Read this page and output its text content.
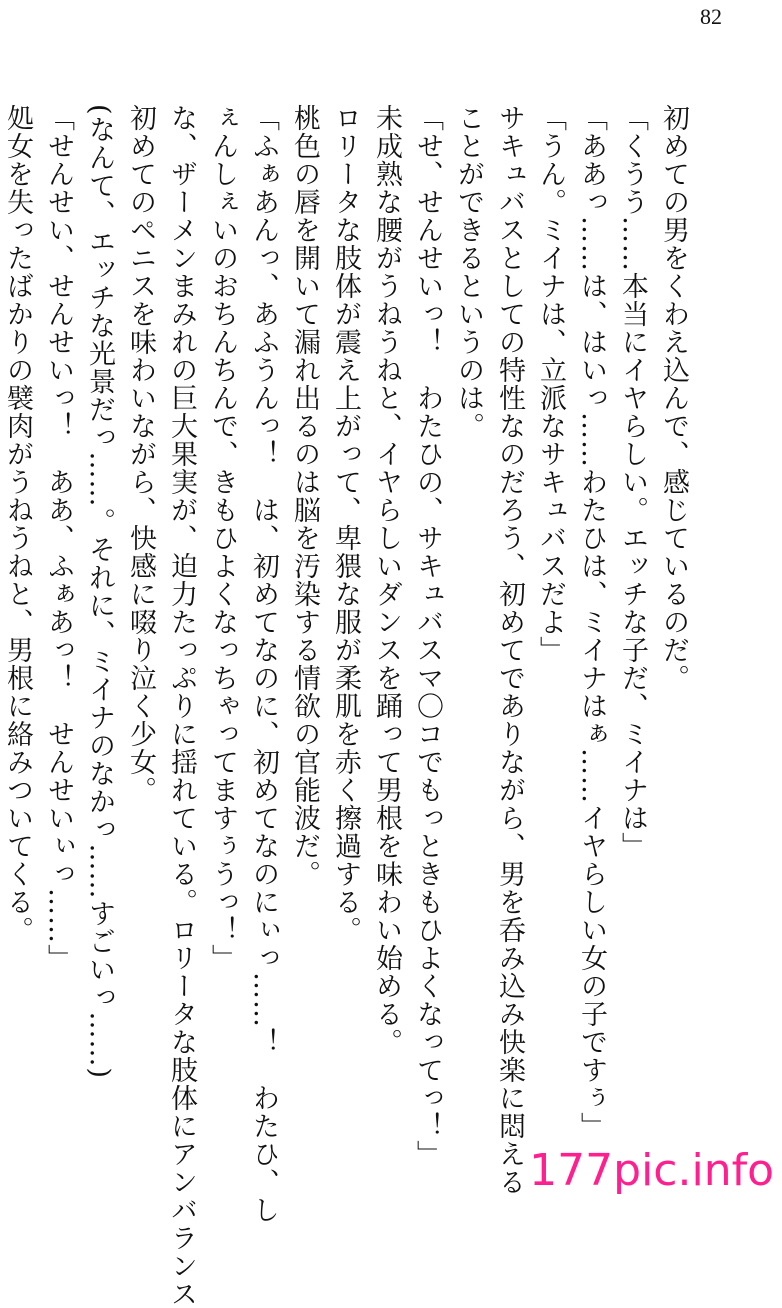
82
初めての男をくわえ込んで、感じているのだ。
「くうう……本当にイヤらしい。エッチな子だ、ミイナは」
「ああっ……は、はいっ……わたひは、ミイナはぁ……イヤらしい女の子ですぅ」
「うん。ミイナは、立派なサキュバスだよ」
サキュバスとしての特性なのだろう、初めてでありながら、男を呑み込み快楽に悶える
ことができるというのは。
「せ、せんせいっ！　わたひの、サキュバスマ〇コでもっときもひよくなってっ！」
未成熟な腰がうねうねと、イヤらしいダンスを踊って男根を味わい始める。
ロリータな肢体が震え上がって、卑猥な服が柔肌を赤く擦過する。
桃色の唇を開いて漏れ出るのは脳を汚染する情欲の官能波だ。
「ふぁあんっ、あふうんっ！　は、初めてなのに、初めてなのにぃっ……！　わたひ、し
ぇんしぇいのおちんちんで、きもひよくなっちゃってますぅうっ！」
な、ザーメンまみれの巨大果実が、迫力たっぷりに揺れている。ロリータな肢体にアンバランス
初めてのペニスを味わいながら、快感に啜り泣く少女。
(なんて、エッチな光景だっ……。それに、ミイナのなかっ……すごいっ……)
「せんせい、せんせいっ！　ああ、ふぁあっ！　せんせいぃっ……」
処女を失ったばかりの襞肉がうねうねと、男根に絡みついてくる。
177pic.info
